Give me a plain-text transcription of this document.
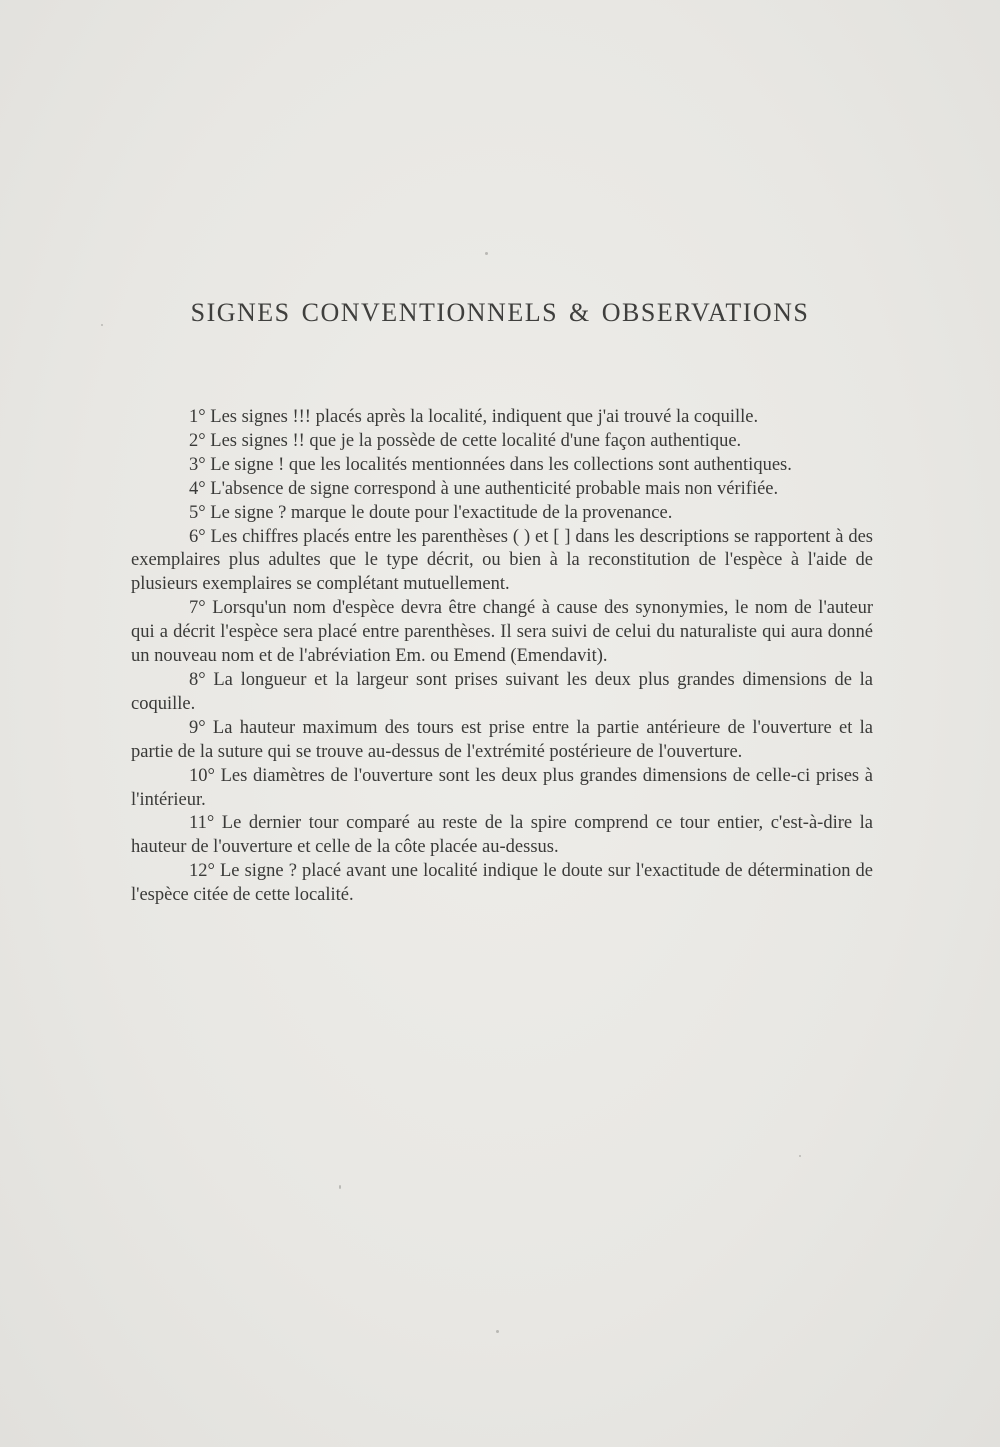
SIGNES CONVENTIONNELS & OBSERVATIONS

1° Les signes !!! placés après la localité, indiquent que j'ai trouvé la coquille.

2° Les signes !! que je la possède de cette localité d'une façon authentique.

3° Le signe ! que les localités mentionnées dans les collections sont authentiques.

4° L'absence de signe correspond à une authenticité probable mais non vérifiée.

5° Le signe ? marque le doute pour l'exactitude de la provenance.

6° Les chiffres placés entre les parenthèses ( ) et [ ] dans les descriptions se rapportent à des exemplaires plus adultes que le type décrit, ou bien à la reconstitution de l'espèce à l'aide de plusieurs exemplaires se complétant mutuellement.

7° Lorsqu'un nom d'espèce devra être changé à cause des synonymies, le nom de l'auteur qui a décrit l'espèce sera placé entre parenthèses. Il sera suivi de celui du naturaliste qui aura donné un nouveau nom et de l'abréviation Em. ou Emend (Emendavit).

8° La longueur et la largeur sont prises suivant les deux plus grandes dimensions de la coquille.

9° La hauteur maximum des tours est prise entre la partie antérieure de l'ouverture et la partie de la suture qui se trouve au-dessus de l'extrémité postérieure de l'ouverture.

10° Les diamètres de l'ouverture sont les deux plus grandes dimensions de celle-ci prises à l'intérieur.

11° Le dernier tour comparé au reste de la spire comprend ce tour entier, c'est-à-dire la hauteur de l'ouverture et celle de la côte placée au-dessus.

12° Le signe ? placé avant une localité indique le doute sur l'exactitude de détermination de l'espèce citée de cette localité.
